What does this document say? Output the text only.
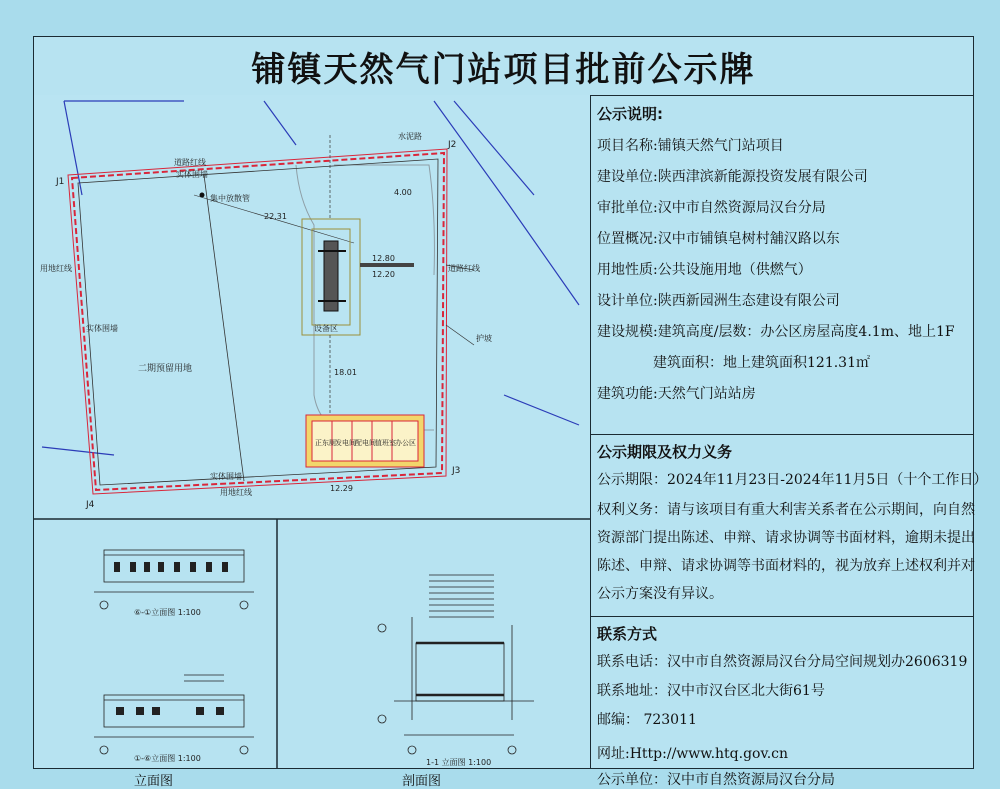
铺镇天然气门站项目批前公示牌
J1
J2
J3
J4
道路红线
实体围墙
用地红线
实体围墙
二期预留用地
水泥路
集中放散管
设备区
护坡
道路红线
实体围墙
用地红线
22.31
12.80
12.20
18.01
4.00
12.29
正东厕 发电间 配电间 值班室 办公区
⑥-①立面图 1:100
①-⑥立面图 1:100	1-1 立面图 1:100
立面图	剖面图
公示说明:
项目名称:铺镇天然气门站项目
建设单位:陕西津滨新能源投资发展有限公司
审批单位:汉中市自然资源局汉台分局
位置概况:汉中市铺镇皂树村舖汉路以东
用地性质:公共设施用地（供燃气）
设计单位:陕西新园洲生态建设有限公司
建设规模:建筑高度/层数：办公区房屋高度4.1m、地上1F
建筑面积：地上建筑面积121.31㎡
建筑功能:天然气门站站房
公示期限及权力义务
公示期限：2024年11月23日-2024年11月5日（十个工作日）
权利义务：请与该项目有重大利害关系者在公示期间，向自然
资源部门提出陈述、申辩、请求协调等书面材料，逾期未提出
陈述、申辩、请求协调等书面材料的，视为放弃上述权利并对
公示方案没有异议。
联系方式
联系电话：汉中市自然资源局汉台分局空间规划办2606319
联系地址：汉中市汉台区北大街61号
邮编： 723011
网址:Http://www.htq.gov.cn
公示单位：汉中市自然资源局汉台分局
